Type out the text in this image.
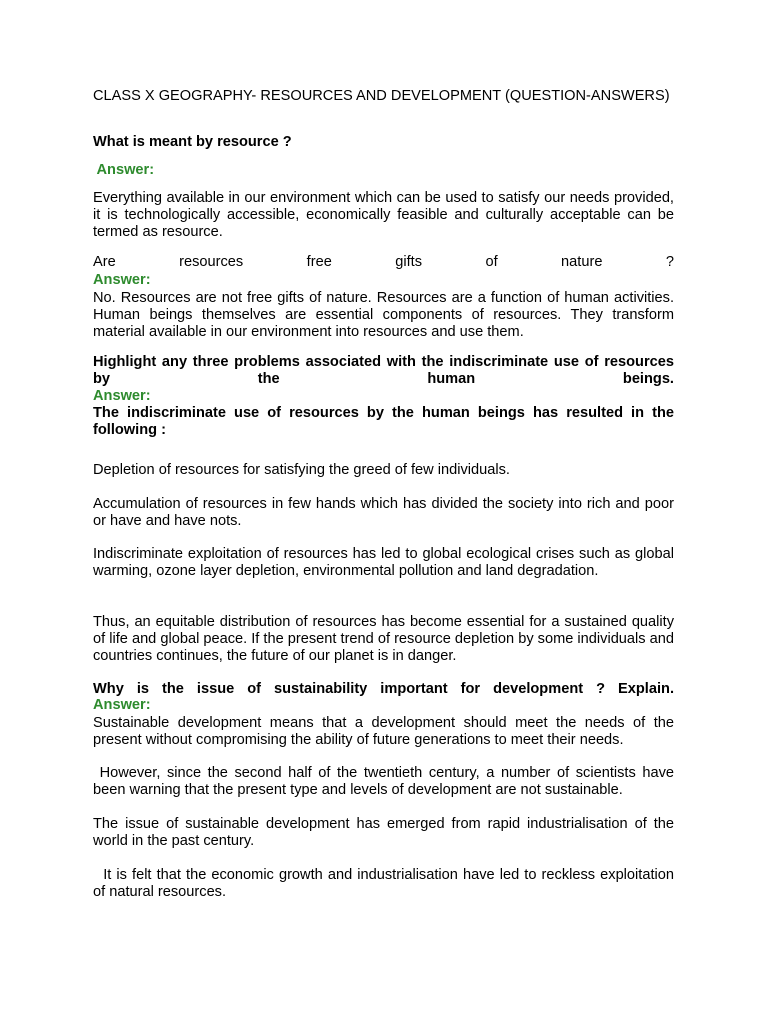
CLASS X GEOGRAPHY- RESOURCES AND DEVELOPMENT (QUESTION-ANSWERS)

What is meant by resource ?

Answer:

Everything available in our environment which can be used to satisfy our needs provided, it is technologically accessible, economically feasible and culturally acceptable can be termed as resource.

Are resources free gifts of nature ?

Answer:

No. Resources are not free gifts of nature. Resources are a function of human activities. Human beings themselves are essential components of resources. They transform material available in our environment into resources and use them.

Highlight any three problems associated with the indiscriminate use of resources by the human beings.

Answer:

The indiscriminate use of resources by the human beings has resulted in the following :

Depletion of resources for satisfying the greed of few individuals.

Accumulation of resources in few hands which has divided the society into rich and poor or have and have nots.

Indiscriminate exploitation of resources has led to global ecological crises such as global warming, ozone layer depletion, environmental pollution and land degradation.

Thus, an equitable distribution of resources has become essential for a sustained quality of life and global peace. If the present trend of resource depletion by some individuals and countries continues, the future of our planet is in danger.

Why is the issue of sustainability important for development ? Explain.

Answer:

Sustainable development means that a development should meet the needs of the present without compromising the ability of future generations to meet their needs.

However, since the second half of the twentieth century, a number of scientists have been warning that the present type and levels of development are not sustainable.

The issue of sustainable development has emerged from rapid industrialisation of the world in the past century.

It is felt that the economic growth and industrialisation have led to reckless exploitation of natural resources.
